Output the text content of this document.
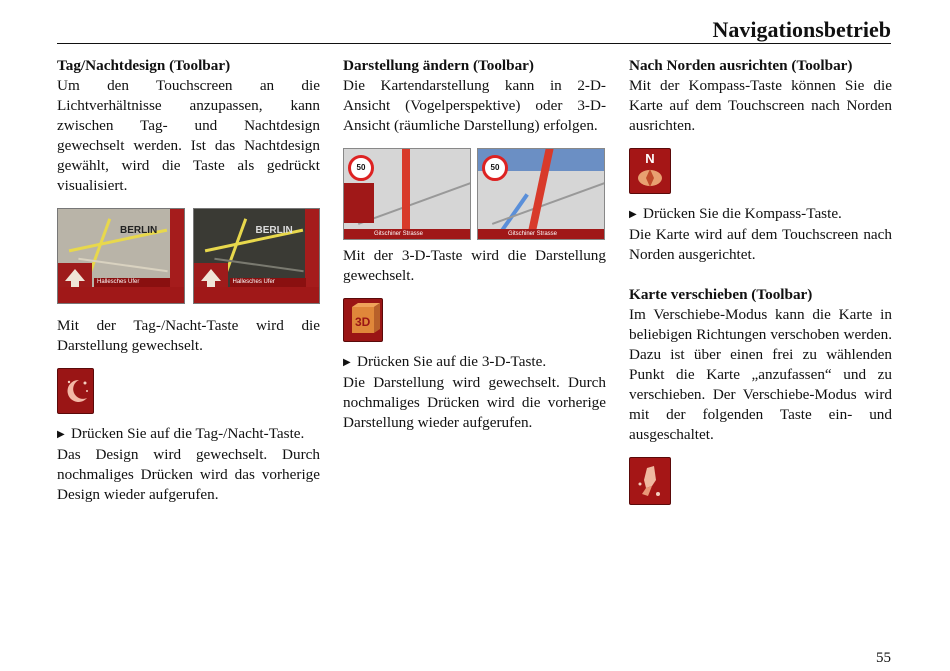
Navigationsbetrieb
Tag/Nachtdesign (Toolbar)

Um den Touchscreen an die Lichtverhältnisse anzupassen, kann zwischen Tag- und Nachtdesign gewechselt werden. Ist das Nachtdesign gewählt, wird die Taste als gedrückt visualisiert.

BERLIN
Hallesches Ufer
BERLIN
Hallesches Ufer

Mit der Tag-/Nacht-Taste wird die Darstellung gewechselt.

▶ Drücken Sie auf die Tag-/Nacht-Taste.

Das Design wird gewechselt. Durch nochmaliges Drücken wird das vorherige Design wieder aufgerufen.

Darstellung ändern (Toolbar)

Die Kartendarstellung kann in 2-D-Ansicht (Vogelperspektive) oder 3-D-Ansicht (räumliche Darstellung) erfolgen.

50
Gitschiner Strasse
50
Gitschiner Strasse

Mit der 3-D-Taste wird die Darstellung gewechselt.

3D
▶ Drücken Sie auf die 3-D-Taste.

Die Darstellung wird gewechselt. Durch nochmaliges Drücken wird die vorherige Darstellung wieder aufgerufen.

Nach Norden ausrichten (Toolbar)

Mit der Kompass-Taste können Sie die Karte auf dem Touchscreen nach Norden ausrichten.

N
▶ Drücken Sie die Kompass-Taste.

Die Karte wird auf dem Touchscreen nach Norden ausgerichtet.

Karte verschieben (Toolbar)

Im Verschiebe-Modus kann die Karte in beliebigen Richtungen verschoben werden. Dazu ist über einen frei zu wählenden Punkt die Karte „anzufassen“ und zu verschieben. Der Verschiebe-Modus wird mit der folgenden Taste ein- und ausgeschaltet.

55
